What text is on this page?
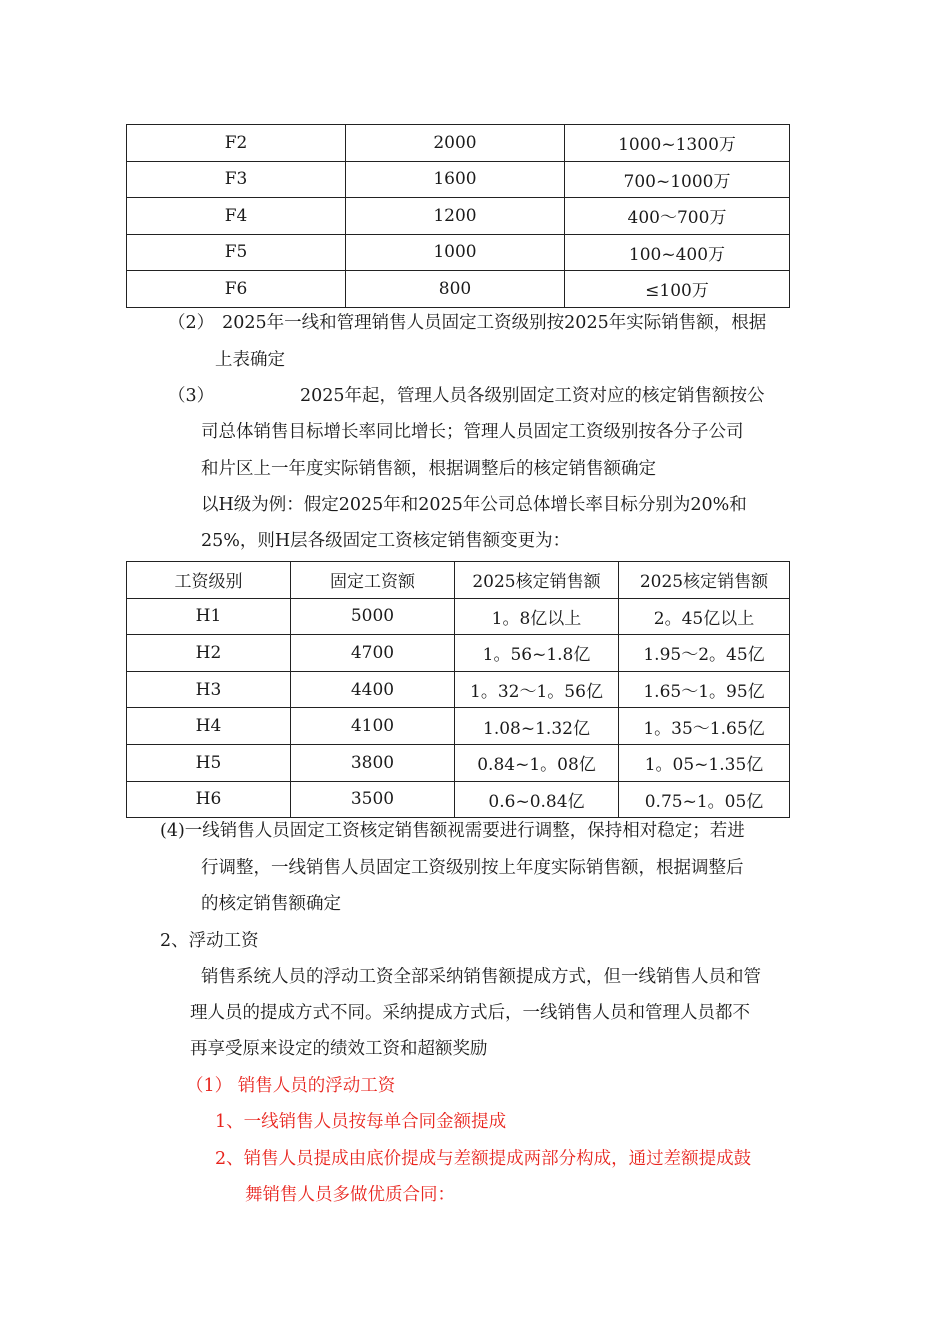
F2	2000	1000~1300万
F3	1600	700~1000万
F4	1200	400～700万
F5	1000	100~400万
F6	800	≤100万
（2） 2025年一线和管理销售人员固定工资级别按2025年实际销售额，根据
上表确定
（3）	2025年起，管理人员各级别固定工资对应的核定销售额按公
司总体销售目标增长率同比增长；管理人员固定工资级别按各分子公司
和片区上一年度实际销售额，根据调整后的核定销售额确定
以H级为例：假定2025年和2025年公司总体增长率目标分别为20%和
25%，则H层各级固定工资核定销售额变更为：
工资级别	固定工资额	2025核定销售额	2025核定销售额
H1	5000	1。8亿以上	2。45亿以上
H2	4700	1。56~1.8亿	1.95～2。45亿
H3	4400	1。32～1。56亿	1.65～1。95亿
H4	4100	1.08~1.32亿	1。35～1.65亿
H5	3800	0.84~1。08亿	1。05~1.35亿
H6	3500	0.6~0.84亿	0.75~1。05亿
(4)一线销售人员固定工资核定销售额视需要进行调整，保持相对稳定；若进
行调整，一线销售人员固定工资级别按上年度实际销售额，根据调整后
的核定销售额确定
2、浮动工资
销售系统人员的浮动工资全部采纳销售额提成方式，但一线销售人员和管
理人员的提成方式不同。采纳提成方式后，一线销售人员和管理人员都不
再享受原来设定的绩效工资和超额奖励
（1） 销售人员的浮动工资
1、一线销售人员按每单合同金额提成
2、销售人员提成由底价提成与差额提成两部分构成，通过差额提成鼓
舞销售人员多做优质合同：
